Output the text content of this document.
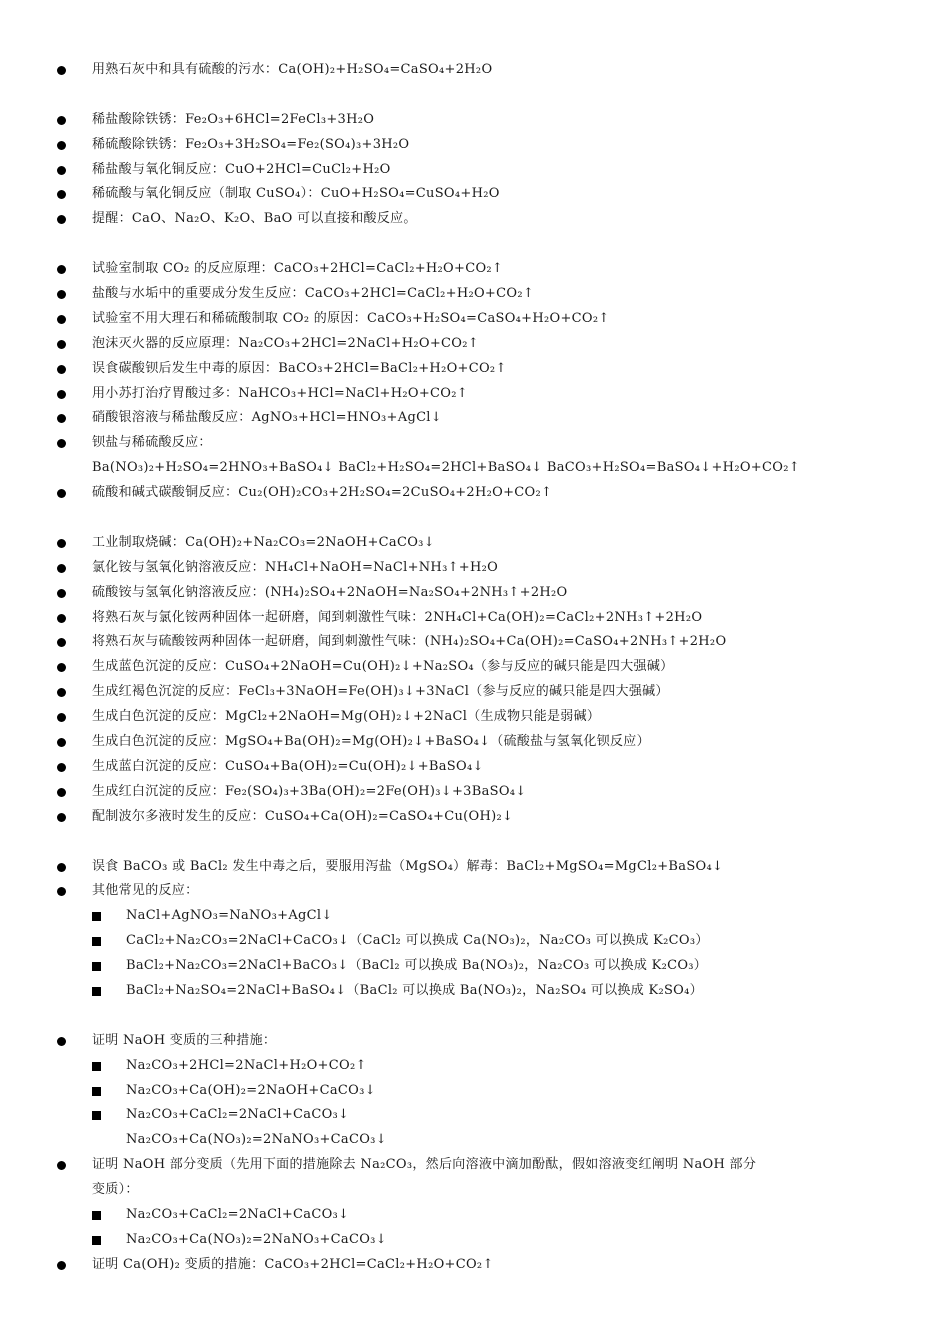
用熟石灰中和具有硫酸的污水：Ca(OH)₂+H₂SO₄=CaSO₄+2H₂O
稀盐酸除铁锈：Fe₂O₃+6HCl=2FeCl₃+3H₂O
稀硫酸除铁锈：Fe₂O₃+3H₂SO₄=Fe₂(SO₄)₃+3H₂O
稀盐酸与氧化铜反应：CuO+2HCl=CuCl₂+H₂O
稀硫酸与氧化铜反应（制取 CuSO₄）：CuO+H₂SO₄=CuSO₄+H₂O
提醒：CaO、Na₂O、K₂O、BaO 可以直接和酸反应。
试验室制取 CO₂ 的反应原理：CaCO₃+2HCl=CaCl₂+H₂O+CO₂↑
盐酸与水垢中的重要成分发生反应：CaCO₃+2HCl=CaCl₂+H₂O+CO₂↑
试验室不用大理石和稀硫酸制取 CO₂ 的原因：CaCO₃+H₂SO₄=CaSO₄+H₂O+CO₂↑
泡沫灭火器的反应原理：Na₂CO₃+2HCl=2NaCl+H₂O+CO₂↑
误食碳酸钡后发生中毒的原因：BaCO₃+2HCl=BaCl₂+H₂O+CO₂↑
用小苏打治疗胃酸过多：NaHCO₃+HCl=NaCl+H₂O+CO₂↑
硝酸银溶液与稀盐酸反应：AgNO₃+HCl=HNO₃+AgCl↓
钡盐与稀硫酸反应：
Ba(NO₃)₂+H₂SO₄=2HNO₃+BaSO₄↓ BaCl₂+H₂SO₄=2HCl+BaSO₄↓ BaCO₃+H₂SO₄=BaSO₄↓+H₂O+CO₂↑
硫酸和碱式碳酸铜反应：Cu₂(OH)₂CO₃+2H₂SO₄=2CuSO₄+2H₂O+CO₂↑
工业制取烧碱：Ca(OH)₂+Na₂CO₃=2NaOH+CaCO₃↓
氯化铵与氢氧化钠溶液反应：NH₄Cl+NaOH=NaCl+NH₃↑+H₂O
硫酸铵与氢氧化钠溶液反应：(NH₄)₂SO₄+2NaOH=Na₂SO₄+2NH₃↑+2H₂O
将熟石灰与氯化铵两种固体一起研磨，闻到刺激性气味：2NH₄Cl+Ca(OH)₂=CaCl₂+2NH₃↑+2H₂O
将熟石灰与硫酸铵两种固体一起研磨，闻到刺激性气味：(NH₄)₂SO₄+Ca(OH)₂=CaSO₄+2NH₃↑+2H₂O
生成蓝色沉淀的反应：CuSO₄+2NaOH=Cu(OH)₂↓+Na₂SO₄（参与反应的碱只能是四大强碱）
生成红褐色沉淀的反应：FeCl₃+3NaOH=Fe(OH)₃↓+3NaCl（参与反应的碱只能是四大强碱）
生成白色沉淀的反应：MgCl₂+2NaOH=Mg(OH)₂↓+2NaCl（生成物只能是弱碱）
生成白色沉淀的反应：MgSO₄+Ba(OH)₂=Mg(OH)₂↓+BaSO₄↓（硫酸盐与氢氧化钡反应）
生成蓝白沉淀的反应：CuSO₄+Ba(OH)₂=Cu(OH)₂↓+BaSO₄↓
生成红白沉淀的反应：Fe₂(SO₄)₃+3Ba(OH)₂=2Fe(OH)₃↓+3BaSO₄↓
配制波尔多液时发生的反应：CuSO₄+Ca(OH)₂=CaSO₄+Cu(OH)₂↓
误食 BaCO₃ 或 BaCl₂ 发生中毒之后，要服用泻盐（MgSO₄）解毒：BaCl₂+MgSO₄=MgCl₂+BaSO₄↓
其他常见的反应：
NaCl+AgNO₃=NaNO₃+AgCl↓
CaCl₂+Na₂CO₃=2NaCl+CaCO₃↓（CaCl₂ 可以换成 Ca(NO₃)₂，Na₂CO₃ 可以换成 K₂CO₃）
BaCl₂+Na₂CO₃=2NaCl+BaCO₃↓（BaCl₂ 可以换成 Ba(NO₃)₂，Na₂CO₃ 可以换成 K₂CO₃）
BaCl₂+Na₂SO₄=2NaCl+BaSO₄↓（BaCl₂ 可以换成 Ba(NO₃)₂，Na₂SO₄ 可以换成 K₂SO₄）
证明 NaOH 变质的三种措施：
Na₂CO₃+2HCl=2NaCl+H₂O+CO₂↑
Na₂CO₃+Ca(OH)₂=2NaOH+CaCO₃↓
Na₂CO₃+CaCl₂=2NaCl+CaCO₃↓
Na₂CO₃+Ca(NO₃)₂=2NaNO₃+CaCO₃↓
证明 NaOH 部分变质（先用下面的措施除去 Na₂CO₃，然后向溶液中滴加酚酞，假如溶液变红阐明 NaOH 部分
变质）：
Na₂CO₃+CaCl₂=2NaCl+CaCO₃↓
Na₂CO₃+Ca(NO₃)₂=2NaNO₃+CaCO₃↓
证明 Ca(OH)₂ 变质的措施：CaCO₃+2HCl=CaCl₂+H₂O+CO₂↑
